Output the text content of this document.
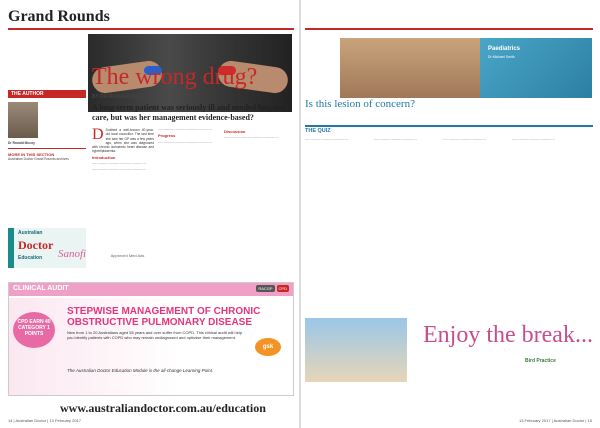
Grand Rounds
The wrong drug?
BY DR RONALD MCCOY
A long-term patient was seriously ill and needed hospital care, but was her management evidence-based?
THE AUTHOR
Dr Ronald Mccoy
MORE IN THIS SECTION
Australian Doctor Grand Rounds archives
D Dubbed a well-known 40-year-old local councillor. The last time she saw her GP was a few years ago, when she was diagnosed with chronic ischaemic heart disease and hyperlipidaemia.

Introduction

·················································

·················································

·················································

Progress

·················································

Discussion

·················································

Australian
Doctor
Education	Sanofi	Approved Med Ads
CLINICAL AUDIT	RACGP	CPD
CPD EARN 40 CATEGORY 1 POINTS
STEPWISE MANAGEMENT OF CHRONIC OBSTRUCTIVE PULMONARY DISEASE
New from 1 to 20 Australians aged 55 years and over suffer from COPD. This clinical audit will help you identify patients with COPD who may remain undiagnosed and optimise their management.
gsk
The Australian Doctor Education Module is the all-change Learning Point.
www.australiandoctor.com.au/education
14 | Australian Doctor | 13 February 2017	13 February 2017 | Australian Doctor | 15
Paediatrics
Dr Michael Smith
Is this lesion of concern?
THE QUIZ
·······································	·······································	·······································	·······································
Enjoy the break...
Bird Practice
